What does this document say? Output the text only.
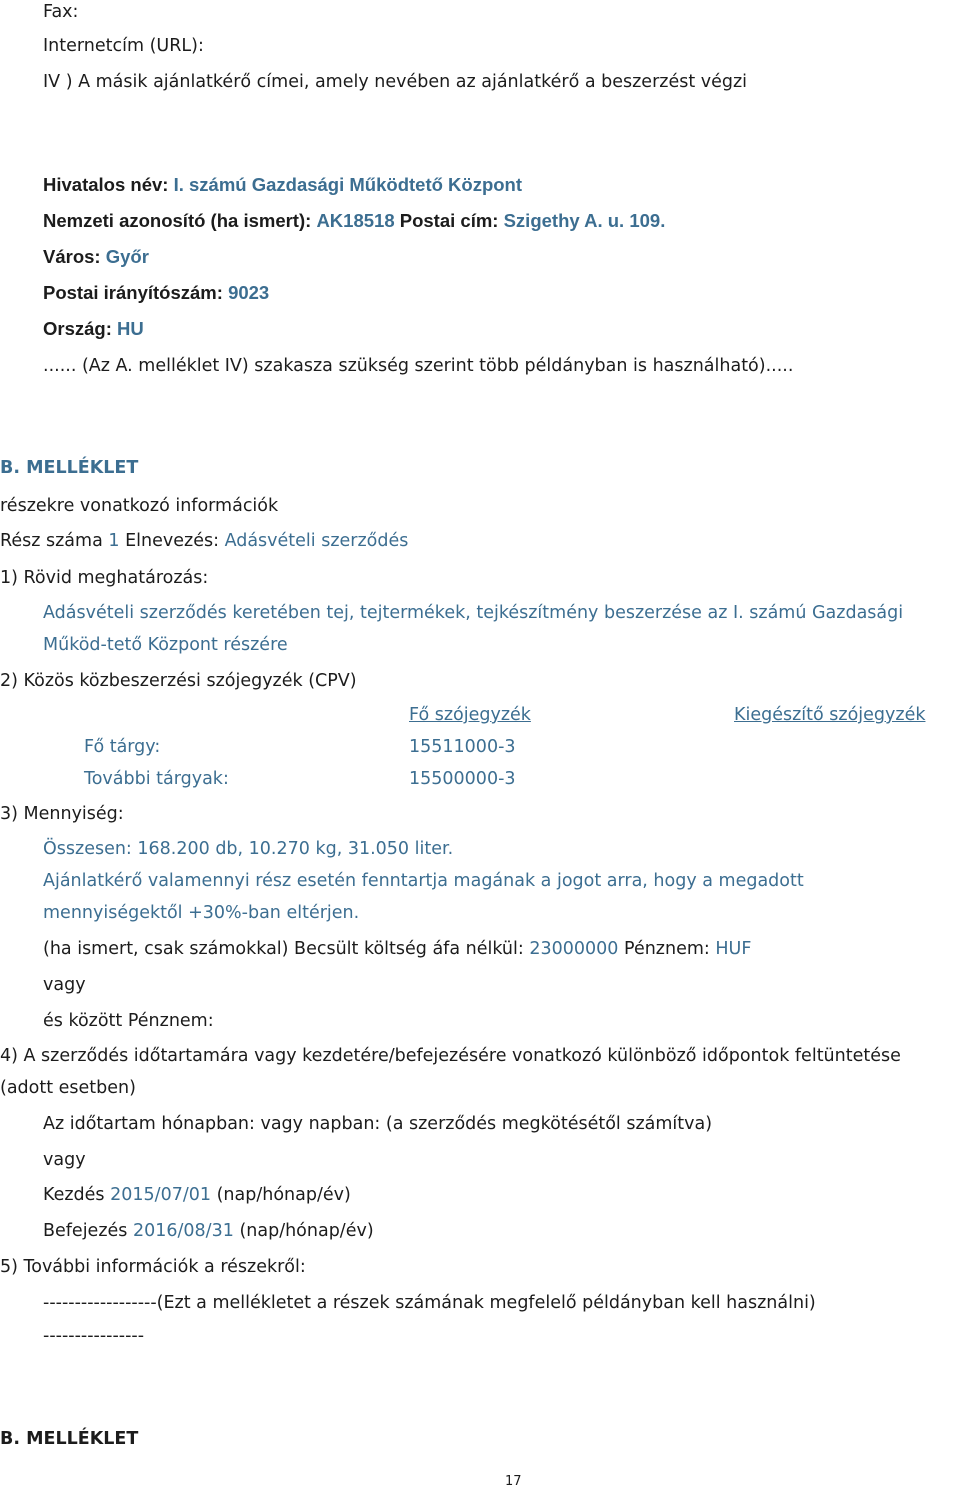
Fax:
Internetcím (URL):
IV ) A másik ajánlatkérő címei, amely nevében az ajánlatkérő a beszerzést végzi
Hivatalos név: I. számú Gazdasági Működtető Központ
Nemzeti azonosító (ha ismert): AK18518 Postai cím: Szigethy A. u. 109.
Város: Győr
Postai irányítószám: 9023
Ország: HU
...... (Az A. melléklet IV) szakasza szükség szerint több példányban is használható).....
B. MELLÉKLET
részekre vonatkozó információk
Rész száma 1 Elnevezés: Adásvételi szerződés
1) Rövid meghatározás:
Adásvételi szerződés keretében tej, tejtermékek, tejkészítmény beszerzése az I. számú Gazdasági
Működ-tető Központ részére
2) Közös közbeszerzési szójegyzék (CPV)
Fő szójegyzék	Kiegészítő szójegyzék
Fő tárgy:	15511000-3
További tárgyak:	15500000-3
3) Mennyiség:
Összesen: 168.200 db, 10.270 kg, 31.050 liter.
Ajánlatkérő valamennyi rész esetén fenntartja magának a jogot arra, hogy a megadott
mennyiségektől +30%-ban eltérjen.
(ha ismert, csak számokkal) Becsült költség áfa nélkül: 23000000 Pénznem: HUF
vagy
és között Pénznem:
4) A szerződés időtartamára vagy kezdetére/befejezésére vonatkozó különböző időpontok feltüntetése
(adott esetben)
Az időtartam hónapban: vagy napban: (a szerződés megkötésétől számítva)
vagy
Kezdés 2015/07/01 (nap/hónap/év)
Befejezés 2016/08/31 (nap/hónap/év)
5) További információk a részekről:
------------------(Ezt a mellékletet a részek számának megfelelő példányban kell használni)
----------------
B. MELLÉKLET
17
